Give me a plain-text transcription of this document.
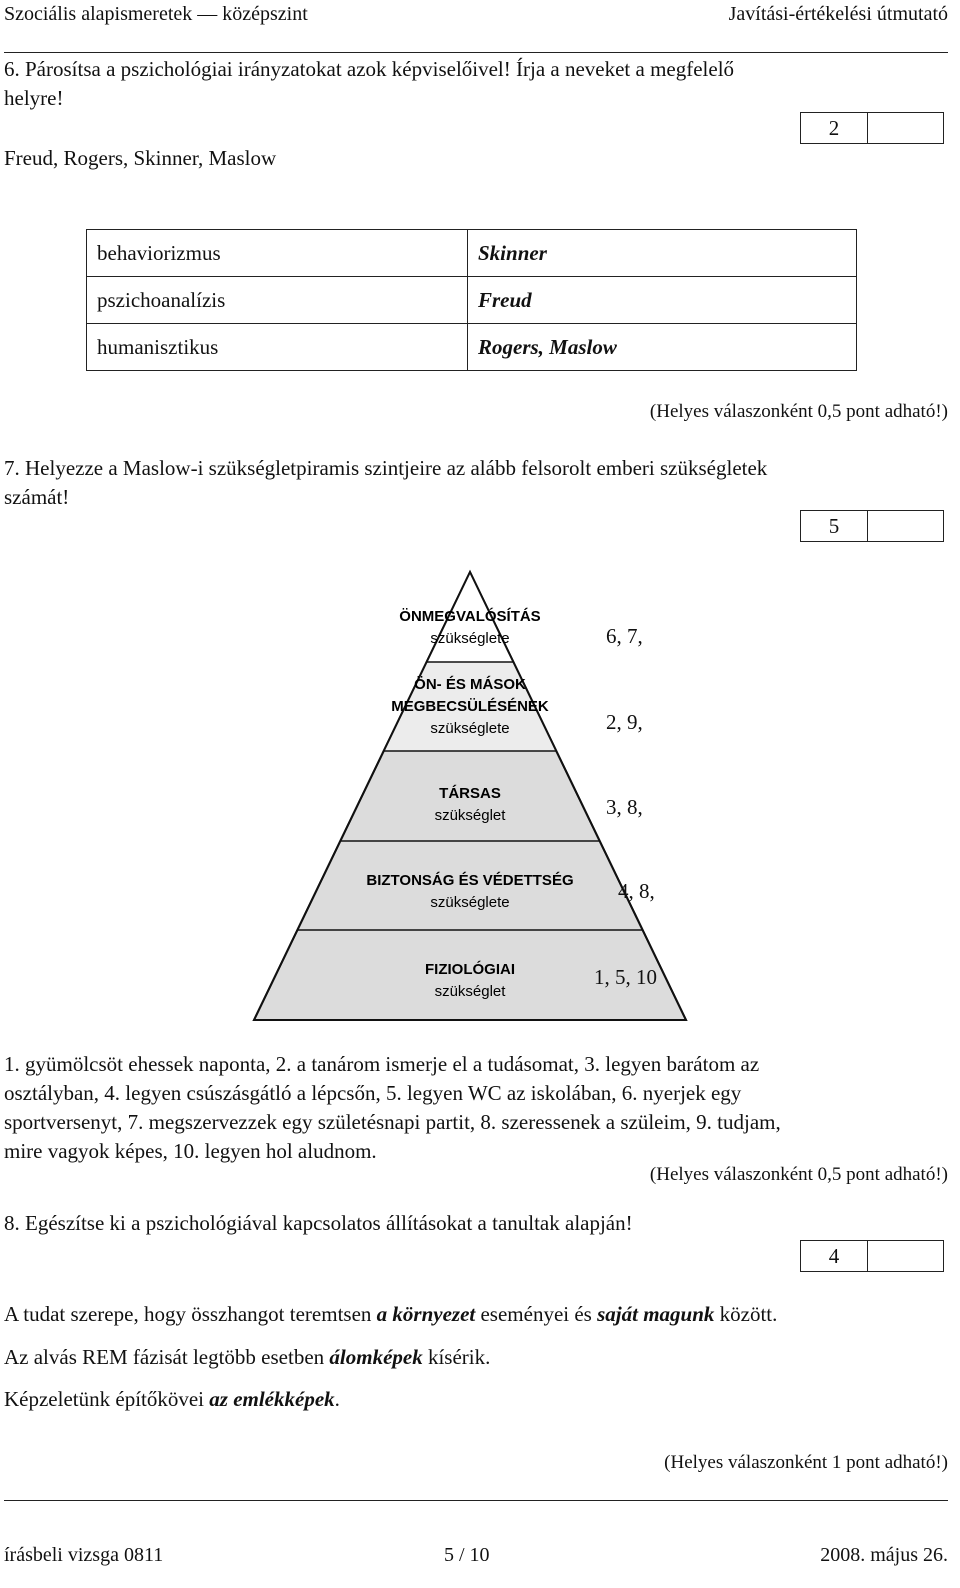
Szociális alapismeretek — középszint	Javítási-értékelési útmutató
6. Párosítsa a pszichológiai irányzatokat azok képviselőivel! Írja a neveket a megfelelő
helyre!
2
Freud, Rogers, Skinner, Maslow
behaviorizmus	Skinner
pszichoanalízis	Freud
humanisztikus	Rogers, Maslow
(Helyes válaszonként 0,5 pont adható!)
7. Helyezze a Maslow-i szükségletpiramis szintjeire az alább felsorolt emberi szükségletek
számát!
5
ÖNMEGVALÓSÍTÁS
szükséglete
ÖN- ÉS MÁSOK
MEGBECSÜLÉSÉNEK
szükséglete
TÁRSAS
szükséglet
BIZTONSÁG ÉS VÉDETTSÉG
szükséglete
FIZIOLÓGIAI
szükséglet
6, 7,
2, 9,
3, 8,
4, 8,
1, 5, 10
1. gyümölcsöt ehessek naponta, 2. a tanárom ismerje el a tudásomat, 3. legyen barátom az
osztályban, 4. legyen csúszásgátló a lépcsőn, 5. legyen WC az iskolában, 6. nyerjek egy
sportversenyt, 7. megszervezzek egy születésnapi partit, 8. szeressenek a szüleim, 9. tudjam,
mire vagyok képes, 10. legyen hol aludnom.
(Helyes válaszonként 0,5 pont adható!)
8. Egészítse ki a pszichológiával kapcsolatos állításokat a tanultak alapján!
4
A tudat szerepe, hogy összhangot teremtsen a környezet eseményei és saját magunk között.
Az alvás REM fázisát legtöbb esetben álomképek kísérik.
Képzeletünk építőkövei az emlékképek.
(Helyes válaszonként 1 pont adható!)
írásbeli vizsga 0811	5 / 10	2008. május 26.
